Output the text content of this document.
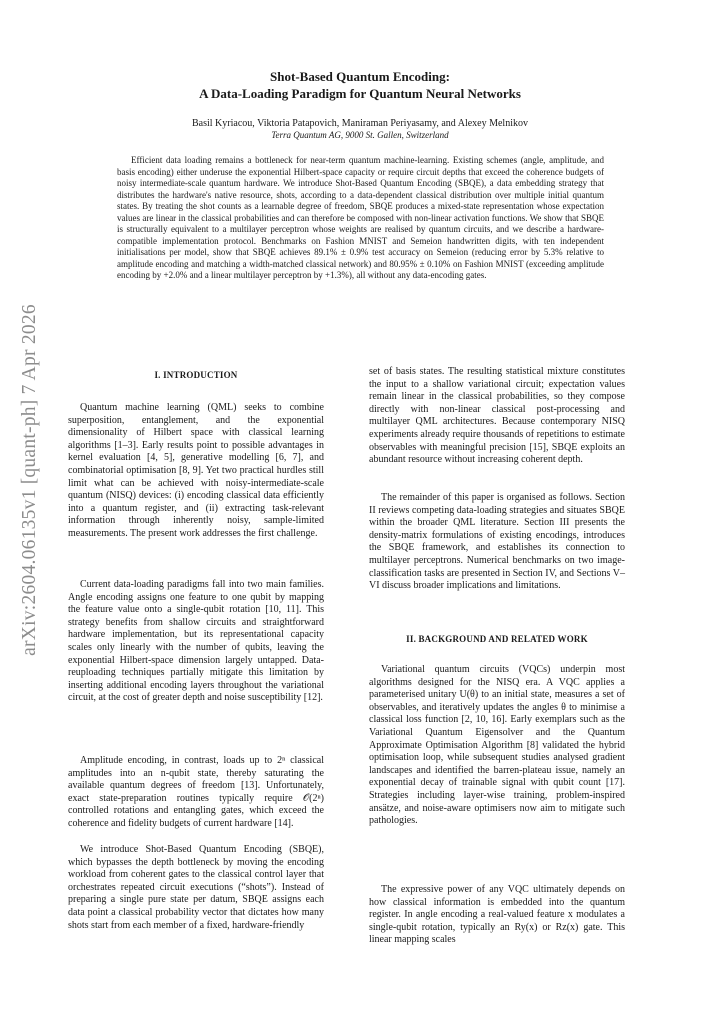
arXiv:2604.06135v1 [quant-ph] 7 Apr 2026
Shot-Based Quantum Encoding:
A Data-Loading Paradigm for Quantum Neural Networks
Basil Kyriacou, Viktoria Patapovich, Maniraman Periyasamy, and Alexey Melnikov
Terra Quantum AG, 9000 St. Gallen, Switzerland

Efficient data loading remains a bottleneck for near-term quantum machine-learning. Existing schemes (angle, amplitude, and basis encoding) either underuse the exponential Hilbert-space capacity or require circuit depths that exceed the coherence budgets of noisy intermediate-scale quantum hardware. We introduce Shot-Based Quantum Encoding (SBQE), a data embedding strategy that distributes the hardware's native resource, shots, according to a data-dependent classical distribution over multiple initial quantum states. By treating the shot counts as a learnable degree of freedom, SBQE produces a mixed-state representation whose expectation values are linear in the classical probabilities and can therefore be composed with non-linear activation functions. We show that SBQE is structurally equivalent to a multilayer perceptron whose weights are realised by quantum circuits, and we describe a hardware-compatible implementation protocol. Benchmarks on Fashion MNIST and Semeion handwritten digits, with ten independent initialisations per model, show that SBQE achieves 89.1% ± 0.9% test accuracy on Semeion (reducing error by 5.3% relative to amplitude encoding and matching a width-matched classical network) and 80.95% ± 0.10% on Fashion MNIST (exceeding amplitude encoding by +2.0% and a linear multilayer perceptron by +1.3%), all without any data-encoding gates.

I. INTRODUCTION

Quantum machine learning (QML) seeks to combine superposition, entanglement, and the exponential dimensionality of Hilbert space with classical learning algorithms [1–3]. Early results point to possible advantages in kernel evaluation [4, 5], generative modelling [6, 7], and combinatorial optimisation [8, 9]. Yet two practical hurdles still limit what can be achieved with noisy-intermediate-scale quantum (NISQ) devices: (i) encoding classical data efficiently into a quantum register, and (ii) extracting task-relevant information through inherently noisy, sample-limited measurements. The present work addresses the first challenge.

Current data-loading paradigms fall into two main families. Angle encoding assigns one feature to one qubit by mapping the feature value onto a single-qubit rotation [10, 11]. This strategy benefits from shallow circuits and straightforward hardware implementation, but its representational capacity scales only linearly with the number of qubits, leaving the exponential Hilbert-space dimension largely untapped. Data-reuploading techniques partially mitigate this limitation by inserting additional encoding layers throughout the variational circuit, at the cost of greater depth and noise susceptibility [12].

Amplitude encoding, in contrast, loads up to 2ⁿ classical amplitudes into an n-qubit state, thereby saturating the available quantum degrees of freedom [13]. Unfortunately, exact state-preparation routines typically require 𝒪(2ⁿ) controlled rotations and entangling gates, which exceed the coherence and fidelity budgets of current hardware [14].

We introduce Shot-Based Quantum Encoding (SBQE), which bypasses the depth bottleneck by moving the encoding workload from coherent gates to the classical control layer that orchestrates repeated circuit executions (“shots”). Instead of preparing a single pure state per datum, SBQE assigns each data point a classical probability vector that dictates how many shots start from each member of a fixed, hardware-friendly

set of basis states. The resulting statistical mixture constitutes the input to a shallow variational circuit; expectation values remain linear in the classical probabilities, so they compose directly with non-linear classical post-processing and multilayer QML architectures. Because contemporary NISQ experiments already require thousands of repetitions to estimate observables with meaningful precision [15], SBQE exploits an abundant resource without increasing coherent depth.

The remainder of this paper is organised as follows. Section II reviews competing data-loading strategies and situates SBQE within the broader QML literature. Section III presents the density-matrix formulations of existing encodings, introduces the SBQE framework, and establishes its connection to multilayer perceptrons. Numerical benchmarks on two image-classification tasks are presented in Section IV, and Sections V–VI discuss broader implications and limitations.

II. BACKGROUND AND RELATED WORK

Variational quantum circuits (VQCs) underpin most algorithms designed for the NISQ era. A VQC applies a parameterised unitary U(θ) to an initial state, measures a set of observables, and iteratively updates the angles θ to minimise a classical loss function [2, 10, 16]. Early exemplars such as the Variational Quantum Eigensolver and the Quantum Approximate Optimisation Algorithm [8] validated the hybrid optimisation loop, while subsequent studies analysed gradient landscapes and identified the barren-plateau issue, namely an exponential decay of trainable signal with qubit count [17]. Strategies including layer-wise training, problem-inspired ansätze, and noise-aware optimisers now aim to mitigate such pathologies.

The expressive power of any VQC ultimately depends on how classical information is embedded into the quantum register. In angle encoding a real-valued feature x modulates a single-qubit rotation, typically an Ry(x) or Rz(x) gate. This linear mapping scales
